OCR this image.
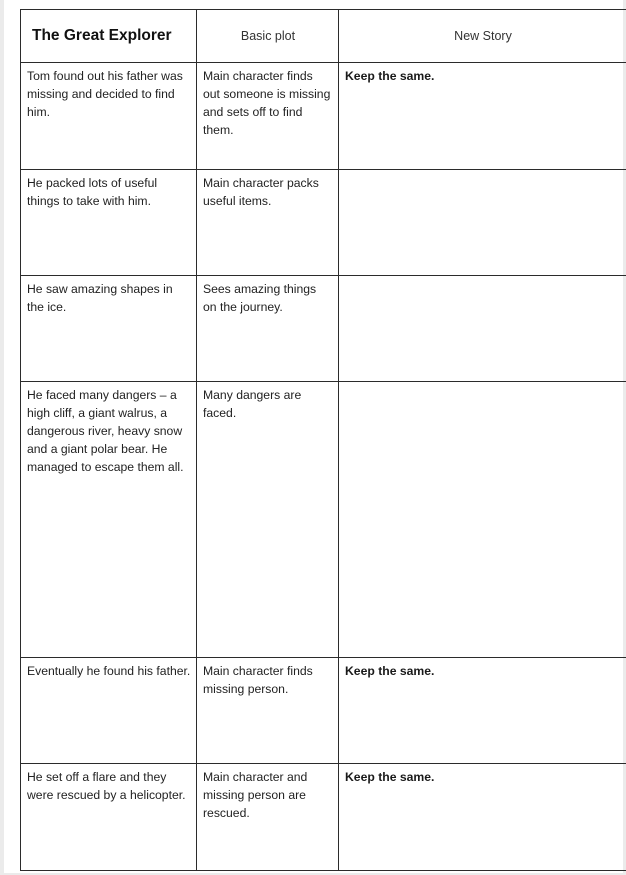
The Great Explorer	Basic plot	New Story
Tom found out his father was missing and decided to find him.	Main character finds out someone is missing and sets off to find them.	Keep the same.
He packed lots of useful things to take with him.	Main character packs useful items.	
He saw amazing shapes in the ice.	Sees amazing things on the journey.	
He faced many dangers – a high cliff, a giant walrus, a dangerous river, heavy snow and a giant polar bear. He managed to escape them all.	Many dangers are faced.	
Eventually he found his father.	Main character finds missing person.	Keep the same.
He set off a flare and they were rescued by a helicopter.	Main character and missing person are rescued.	Keep the same.
